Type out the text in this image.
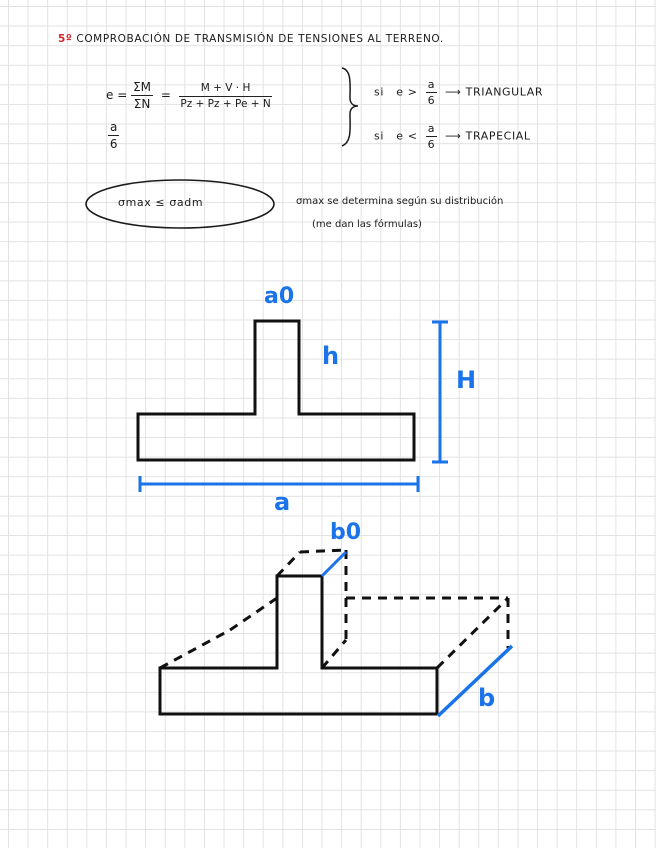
5º COMPROBACIÓN DE TRANSMISIÓN DE TENSIONES AL TERRENO.
$e = \frac{\Sigma M}{\Sigma N} = \frac{M + V \cdot H}{Pz + Pz + Pe + N}$
$\frac{a}{6}$
si $e > \frac{a}{6}$ ⟶ TRIANGULAR
si $e < \frac{a}{6}$ ⟶ TRAPECIAL
σmax ≤ σadm	σmax se determina según su distribución
(me dan las fórmulas)
a0
h
H
a
b0
b
